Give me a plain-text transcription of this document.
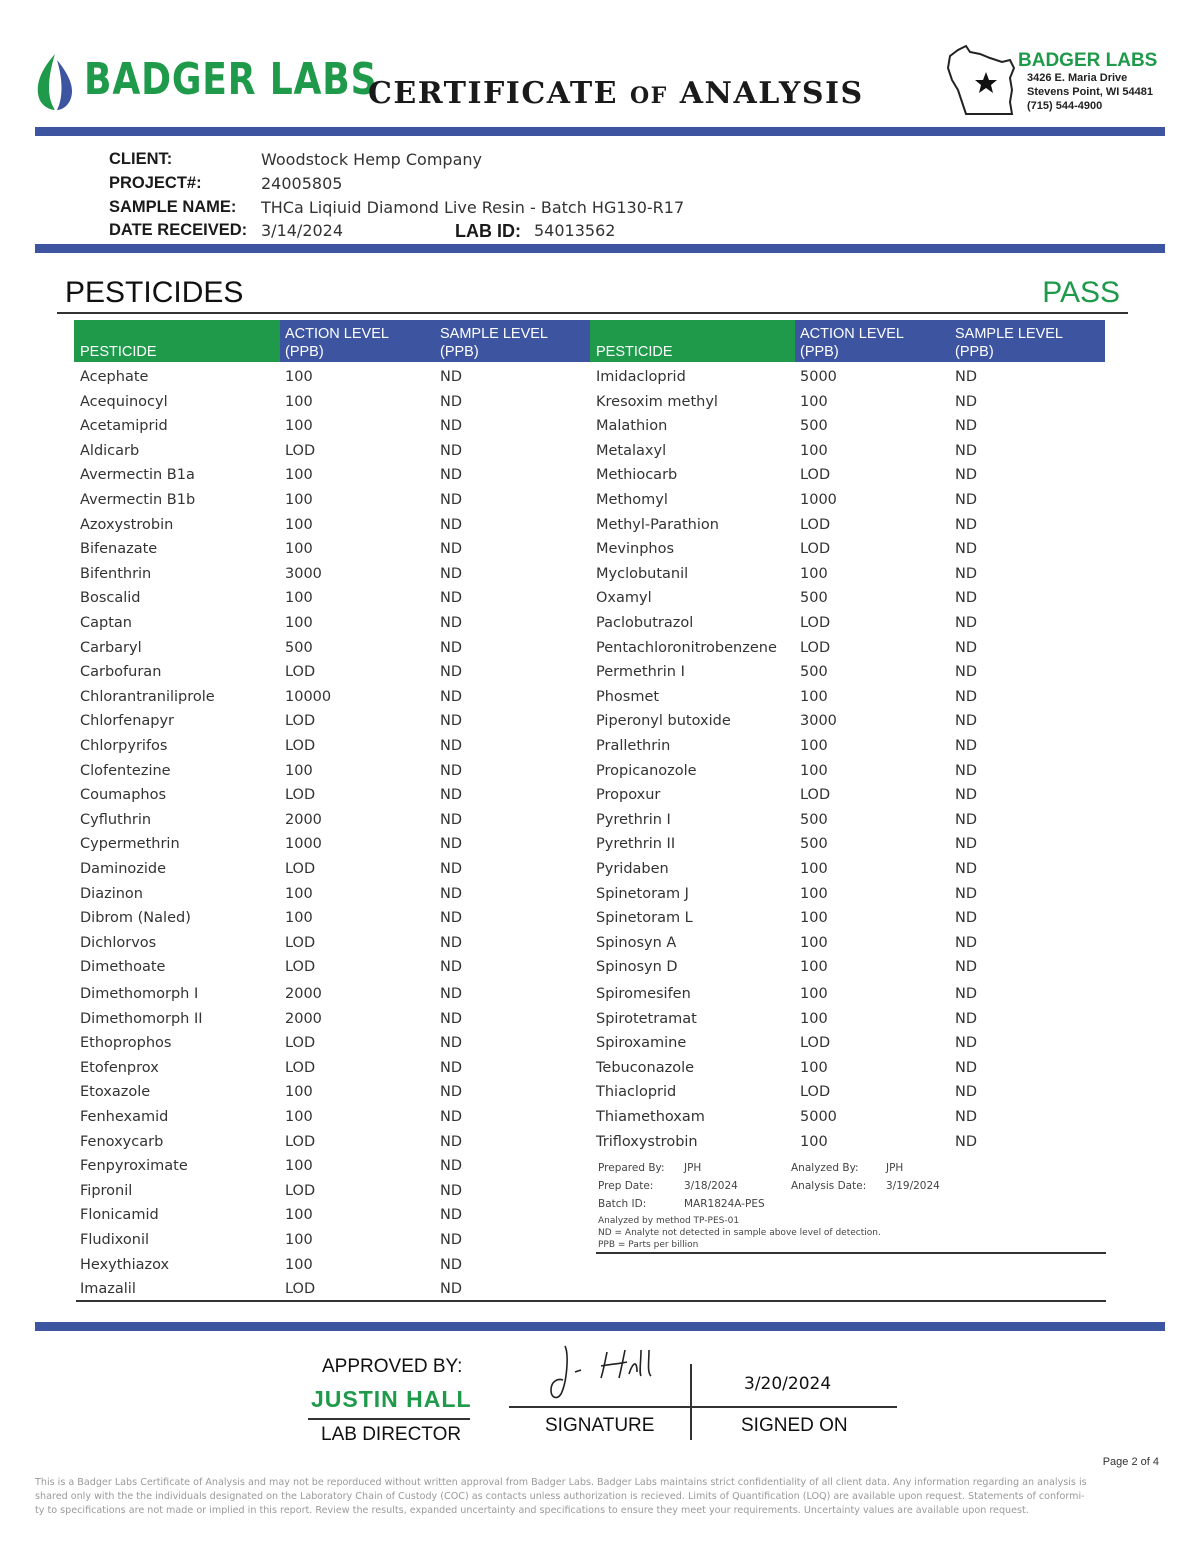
BADGER LABS
CERTIFICATE OF ANALYSIS
BADGER LABS
3426 E. Maria Drive
Stevens Point, WI 54481
(715) 544-4900
CLIENT:	Woodstock Hemp Company
PROJECT#:	24005805
SAMPLE NAME: THCa Liqiuid Diamond Live Resin - Batch HG130-R17
DATE RECEIVED: 3/14/2024	LAB ID: 54013562
PESTICIDES	PASS
PESTICIDE
ACTION LEVEL
(PPB)
SAMPLE LEVEL
(PPB)	PESTICIDE
ACTION LEVEL
(PPB)
SAMPLE LEVEL
(PPB)
Acephate	100	ND
Acequinocyl	100	ND
Acetamiprid	100	ND
Aldicarb	LOD	ND
Avermectin B1a	100	ND
Avermectin B1b	100	ND
Azoxystrobin	100	ND
Bifenazate	100	ND
Bifenthrin	3000	ND
Boscalid	100	ND
Captan	100	ND
Carbaryl	500	ND
Carbofuran	LOD	ND
Chlorantraniliprole	10000	ND
Chlorfenapyr	LOD	ND
Chlorpyrifos	LOD	ND
Clofentezine	100	ND
Coumaphos	LOD	ND
Cyfluthrin	2000	ND
Cypermethrin	1000	ND
Daminozide	LOD	ND
Diazinon	100	ND
Dibrom (Naled)	100	ND
Dichlorvos	LOD	ND
Dimethoate	LOD	ND
Dimethomorph I	2000	ND
Dimethomorph II	2000	ND
Ethoprophos	LOD	ND
Etofenprox	LOD	ND
Etoxazole	100	ND
Fenhexamid	100	ND
Fenoxycarb	LOD	ND
Fenpyroximate	100	ND
Fipronil	LOD	ND
Flonicamid	100	ND
Fludixonil	100	ND
Hexythiazox	100	ND
Imazalil	LOD	ND
Imidacloprid	5000	ND
Kresoxim methyl	100	ND
Malathion	500	ND
Metalaxyl	100	ND
Methiocarb	LOD	ND
Methomyl	1000	ND
Methyl-Parathion	LOD	ND
Mevinphos	LOD	ND
Myclobutanil	100	ND
Oxamyl	500	ND
Paclobutrazol	LOD	ND
Pentachloronitrobenzene LOD	ND
Permethrin I	500	ND
Phosmet	100	ND
Piperonyl butoxide	3000	ND
Prallethrin	100	ND
Propicanozole	100	ND
Propoxur	LOD	ND
Pyrethrin I	500	ND
Pyrethrin II	500	ND
Pyridaben	100	ND
Spinetoram J	100	ND
Spinetoram L	100	ND
Spinosyn A	100	ND
Spinosyn D	100	ND
Spiromesifen	100	ND
Spirotetramat	100	ND
Spiroxamine	LOD	ND
Tebuconazole	100	ND
Thiacloprid	LOD	ND
Thiamethoxam	5000	ND
Trifloxystrobin	100	ND
Prepared By: JPH	Analyzed By:	JPH
Prep Date:	3/18/2024	Analysis Date: 3/19/2024
Batch ID:	MAR1824A-PES
Analyzed by method TP-PES-01
ND = Analyte not detected in sample above level of detection.
PPB = Parts per billion
APPROVED BY:
JUSTIN HALL
LAB DIRECTOR	SIGNATURE
3/20/2024
SIGNED ON
Page 2 of 4
This is a Badger Labs Certificate of Analysis and may not be reporduced without written approval from Badger Labs. Badger Labs maintains strict confidentiality of all client data. Any information regarding an analysis is
shared only with the the individuals designated on the Laboratory Chain of Custody (COC) as contacts unless authorization is recieved. Limits of Quantification (LOQ) are available upon request. Statements of conformi-
ty to specifications are not made or implied in this report. Review the results, expanded uncertainty and specifications to ensure they meet your requirements. Uncertainty values are available upon request.
